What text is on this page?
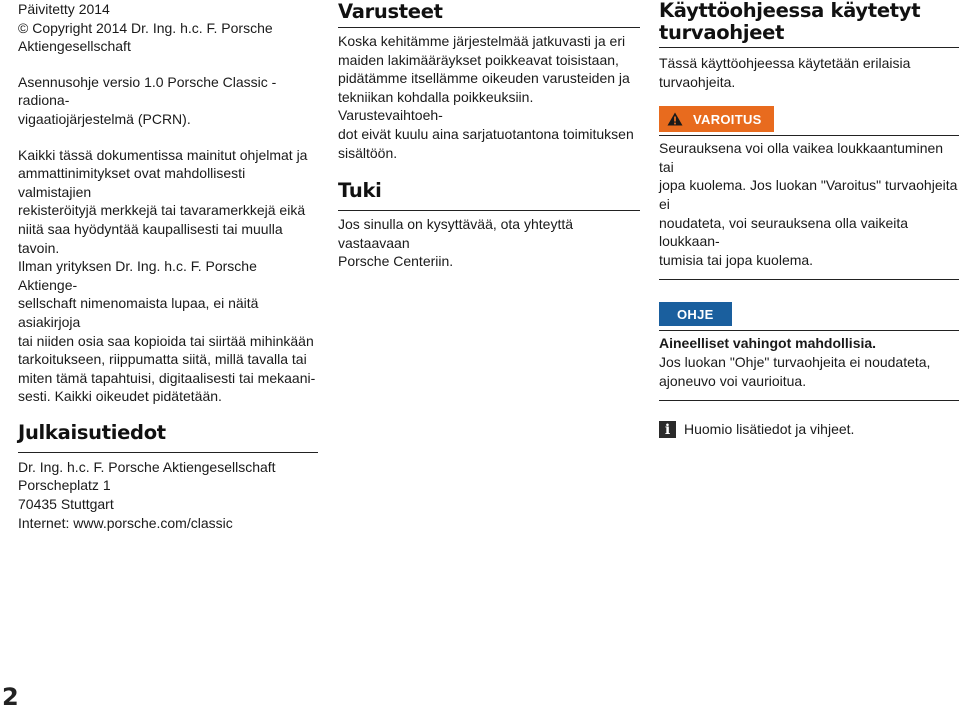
Päivitetty 2014

© Copyright 2014 Dr. Ing. h.c. F. Porsche

Aktiengesellschaft

Asennusohje versio 1.0 Porsche Classic -radiona-

vigaatiojärjestelmä (PCRN).

Kaikki tässä dokumentissa mainitut ohjelmat ja

ammattinimitykset ovat mahdollisesti valmistajien

rekisteröityjä merkkejä tai tavaramerkkejä eikä

niitä saa hyödyntää kaupallisesti tai muulla tavoin.

Ilman yrityksen Dr. Ing. h.c. F. Porsche Aktienge-

sellschaft nimenomaista lupaa, ei näitä asiakirjoja

tai niiden osia saa kopioida tai siirtää mihinkään

tarkoitukseen, riippumatta siitä, millä tavalla tai

miten tämä tapahtuisi, digitaalisesti tai mekaani-

sesti. Kaikki oikeudet pidätetään.

Julkaisutiedot

Dr. Ing. h.c. F. Porsche Aktiengesellschaft

Porscheplatz 1

70435 Stuttgart

Internet: www.porsche.com/classic

Varusteet

Koska kehitämme järjestelmää jatkuvasti ja eri

maiden lakimääräykset poikkeavat toisistaan,

pidätämme itsellämme oikeuden varusteiden ja

tekniikan kohdalla poikkeuksiin. Varustevaihtoeh-

dot eivät kuulu aina sarjatuotantona toimituksen

sisältöön.

Tuki

Jos sinulla on kysyttävää, ota yhteyttä vastaavaan

Porsche Centeriin.

Käyttöohjeessa käytetyt
turvaohjeet

Tässä käyttöohjeessa käytetään erilaisia

turvaohjeita.

VAROITUS

Seurauksena voi olla vaikea loukkaantuminen tai

jopa kuolema. Jos luokan "Varoitus" turvaohjeita ei

noudateta, voi seurauksena olla vaikeita loukkaan-

tumisia tai jopa kuolema.

OHJE

Aineelliset vahingot mahdollisia.

Jos luokan "Ohje" turvaohjeita ei noudateta,

ajoneuvo voi vaurioitua.

i Huomio lisätiedot ja vihjeet.

2
